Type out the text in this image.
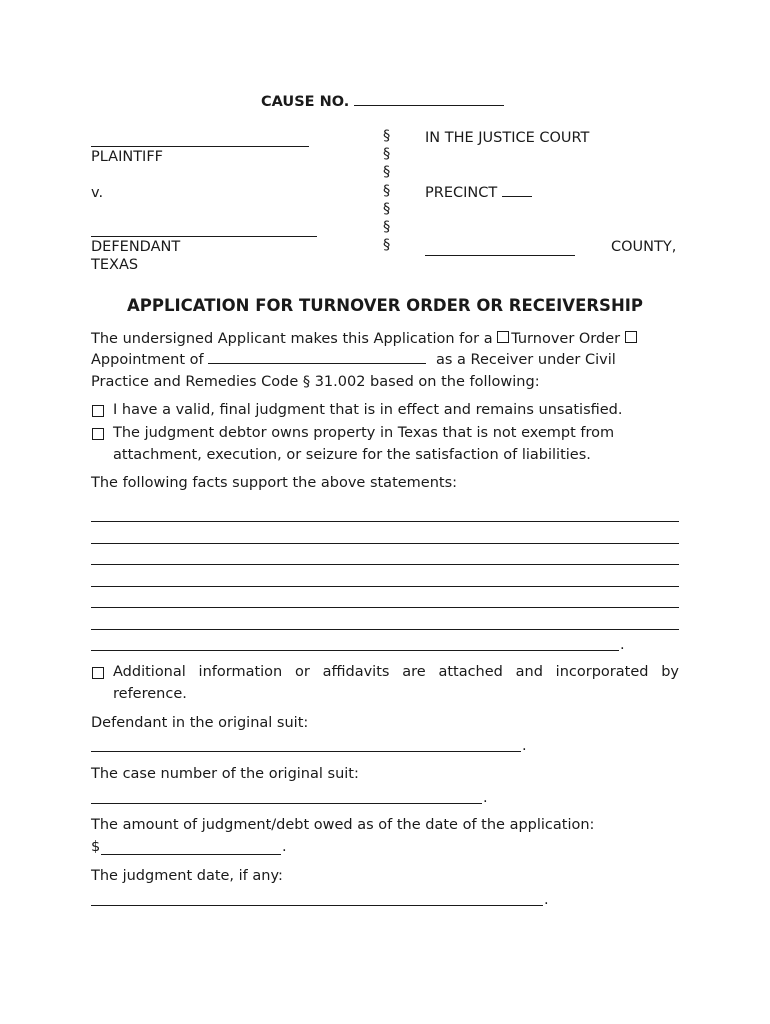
CAUSE NO.
PLAINTIFF
v.
DEFENDANT
TEXAS
§
§
§
§
§
§
§
IN THE JUSTICE COURT
PRECINCT
COUNTY,
APPLICATION FOR TURNOVER ORDER OR RECEIVERSHIP
The undersigned Applicant makes this Application for a Turnover Order
Appointment of	as a Receiver under Civil Practice and Remedies Code § 31.002 based on the following:
I have a valid, final judgment that is in effect and remains unsatisfied.
The judgment debtor owns property in Texas that is not exempt from attachment, execution, or seizure for the satisfaction of liabilities.
The following facts support the above statements:
.
Additional information or affidavits are attached and incorporated by reference.
Defendant in the original suit:
.
The case number of the original suit:
.
The amount of judgment/debt owed as of the date of the application:
$	.
The judgment date, if any:
.
